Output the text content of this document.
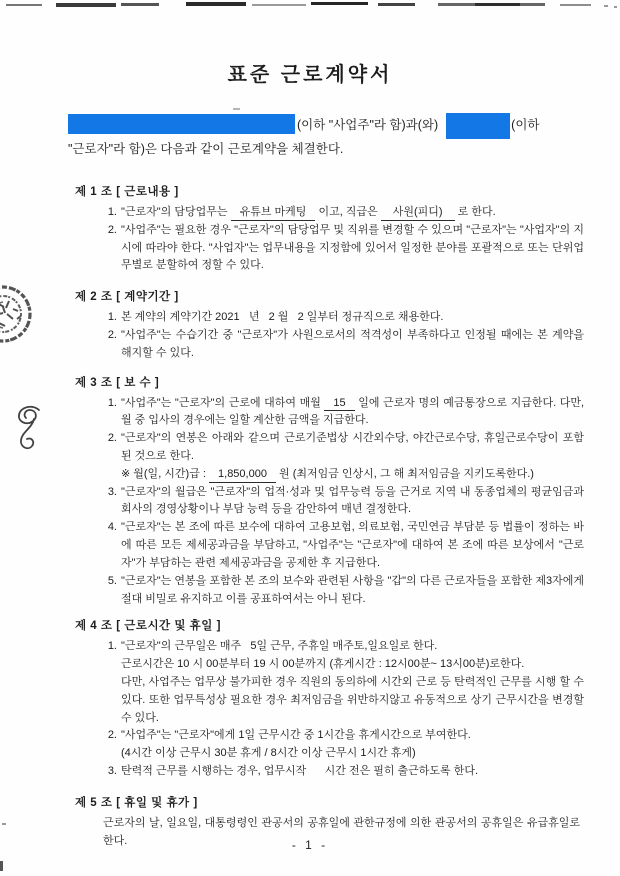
표준 근로계약서
(이하 "사업주"라 함)과(와)	(이하
"근로자"라 함)은 다음과 같이 근로계약을 체결한다.
제 1 조 [ 근로내용 ]
1. "근로자"의 담당업무는 유튜브 마케팅 이고, 직급은 사원(피디) 로 한다.
2. "사업주"는 필요한 경우 "근로자"의 담당업무 및 직위를 변경할 수 있으며 "근로자"는 "사업자"의 지시에 따라야 한다. "사업자"는 업무내용을 지정함에 있어서 일정한 분야를 포괄적으로 또는 단위업무별로 분할하여 정할 수 있다.
제 2 조 [ 계약기간 ]
1. 본 계약의 계약기간 2021   년   2 월   2 일부터 정규직으로 채용한다.
2. "사업주"는 수습기간 중 "근로자"가 사원으로서의 적격성이 부족하다고 인정될 때에는 본 계약을 해지할 수 있다.
제 3 조 [ 보 수 ]
1. "사업주"는 "근로자"의 근로에 대하여 매월 15 일에 근로자 명의 예금통장으로 지급한다. 다만, 월 중 입사의 경우에는 일할 계산한 금액을 지급한다.
2. "근로자"의 연봉은 아래와 같으며 근로기준법상 시간외수당, 야간근로수당, 휴일근로수당이 포함된 것으로 한다.
※ 월(일, 시간)급 : 1,850,000 원 (최저임금 인상시, 그 해 최저임금을 지키도록한다.)
3. "근로자"의 월급은 "근로자"의 업적·성과 및 업무능력 등을 근거로 지역 내 동종업체의 평균임금과 회사의 경영상황이나 부담 능력 등을 감안하여 매년 결정한다.
4. "근로자"는 본 조에 따른 보수에 대하여 고용보험, 의료보험, 국민연금 부담분 등 법률이 정하는 바에 따른 모든 제세공과금을 부담하고, "사업주"는 "근로자"에 대하여 본 조에 따른 보상에서 "근로자"가 부담하는 관련 제세공과금을 공제한 후 지급한다.
5. "근로자"는 연봉을 포함한 본 조의 보수와 관련된 사항을 "갑"의 다른 근로자들을 포함한 제3자에게 절대 비밀로 유지하고 이를 공표하여서는 아니 된다.
제 4 조 [ 근로시간 및 휴일 ]
1. "근로자"의 근무일은 매주   5일 근무, 주휴일 매주토,일요일로 한다.
근로시간은 10 시 00분부터 19 시 00분까지 (휴게시간 : 12시00분~ 13시00분)로한다.
다만, 사업주는 업무상 불가피한 경우 직원의 동의하에 시간외 근로 등 탄력적인 근무를 시행 할 수 있다. 또한 업무특성상 필요한 경우 최저임금을 위반하지않고 유동적으로 상기 근무시간을 변경할 수 있다.
2. "사업주"는 "근로자"에게 1일 근무시간 중 1시간을 휴게시간으로 부여한다.
(4시간 이상 근무시 30분 휴게 / 8시간 이상 근무시 1시간 휴게)
3. 탄력적 근무를 시행하는 경우, 업무시작      시간 전은 필히 출근하도록 한다.
제 5 조 [ 휴일 및 휴가 ]
근로자의 날, 일요일, 대통령령인 관공서의 공휴일에 관한규정에 의한 관공서의 공휴일은 유급휴일로 한다.	- 1 -
